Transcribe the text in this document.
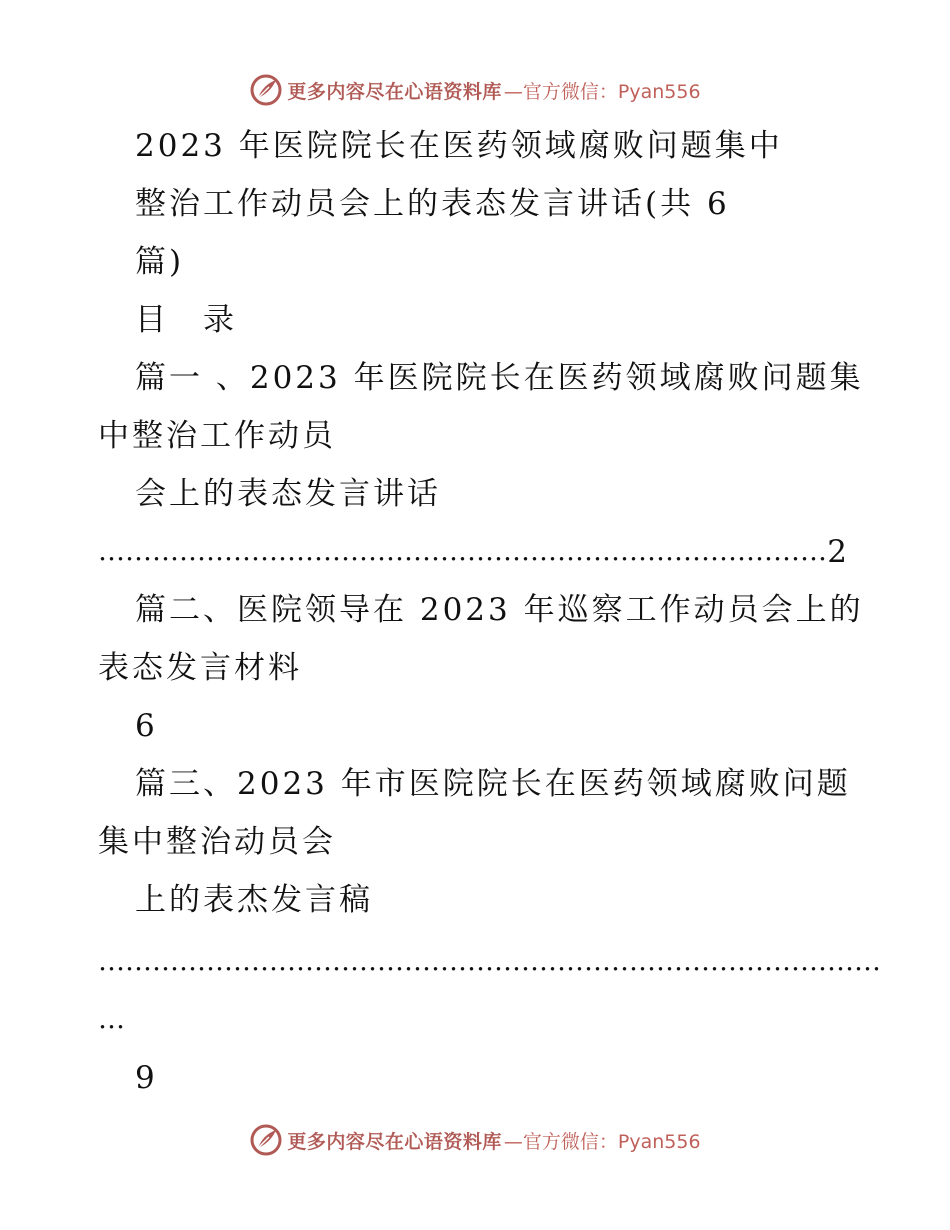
更多内容尽在心语资料库 —官方微信：Pyan556
2023 年医院院长在医药领域腐败问题集中
整治工作动员会上的表态发言讲话(共 6
篇)
目　录
篇一 、2023 年医院院长在医药领域腐败问题集
中整治工作动员
会上的表态发言讲话
……………………………………………………………………… 2
篇二、医院领导在 2023 年巡察工作动员会上的
表态发言材料
6
篇三、2023 年市医院院长在医药领域腐败问题
集中整治动员会
上的表杰发言稿
……………………………………………………………………………
…
9
更多内容尽在心语资料库 —官方微信：Pyan556
